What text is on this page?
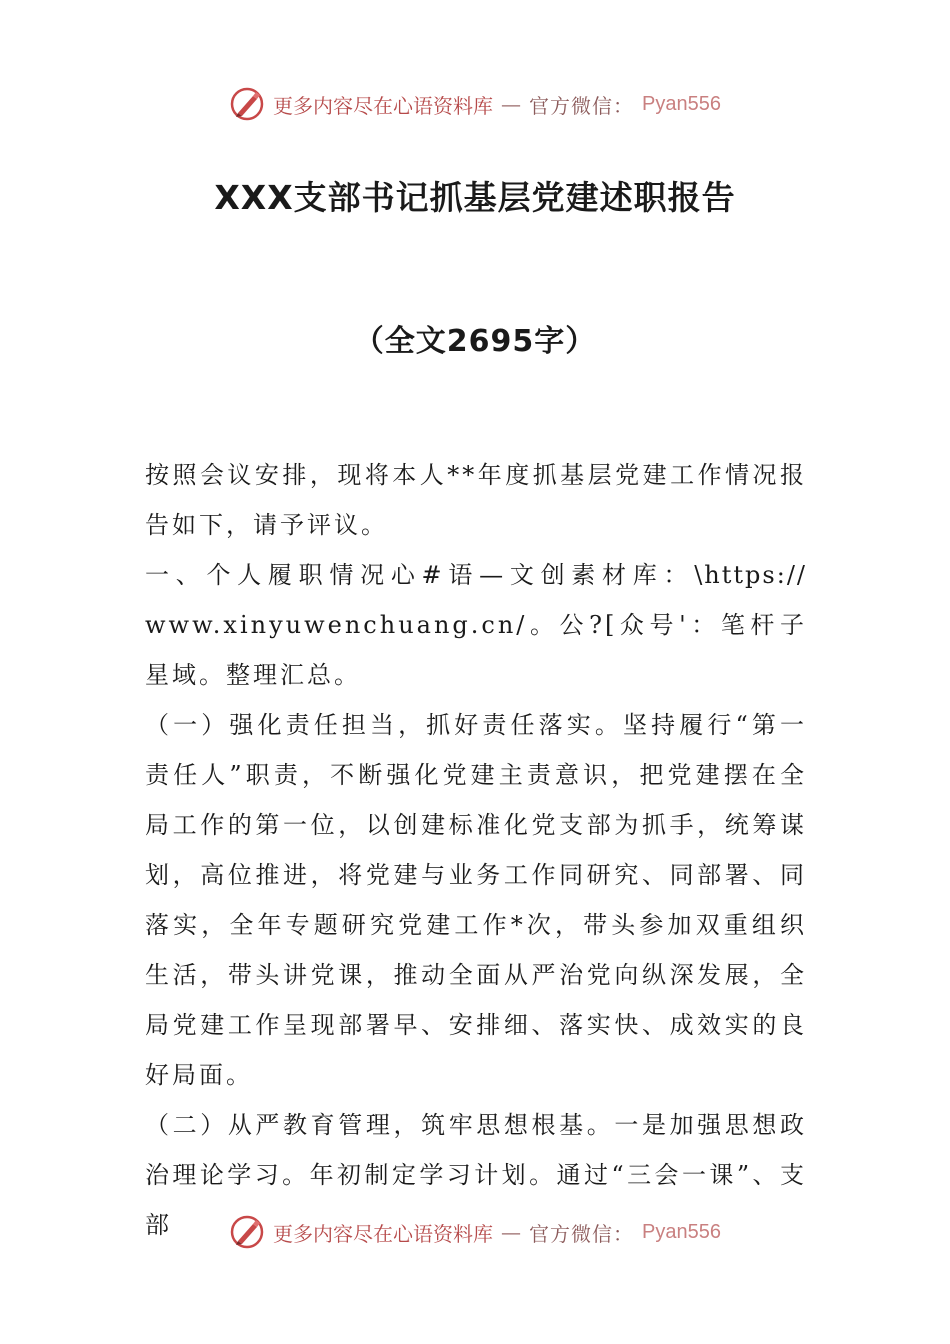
更多内容尽在心语资料库 — 官方微信： Pyan556
XXX支部书记抓基层党建述职报告
（全文2695字）

按照会议安排，现将本人**年度抓基层党建工作情况报告如下，请予评议。

一、个人履职情况心#语—文创素材库：\https://

www.xinyuwenchuang.cn/。公?[众号'：笔杆子星域。整理汇总。

（一）强化责任担当，抓好责任落实。坚持履行“第一责任人”职责，不断强化党建主责意识，把党建摆在全局工作的第一位，以创建标准化党支部为抓手，统筹谋划，高位推进，将党建与业务工作同研究、同部署、同落实，全年专题研究党建工作*次，带头参加双重组织生活，带头讲党课，推动全面从严治党向纵深发展，全局党建工作呈现部署早、安排细、落实快、成效实的良好局面。

（二）从严教育管理，筑牢思想根基。一是加强思想政治理论学习。年初制定学习计划。通过“三会一课”、支部	更多内容尽在心语资料库 — 官方微信： Pyan556
